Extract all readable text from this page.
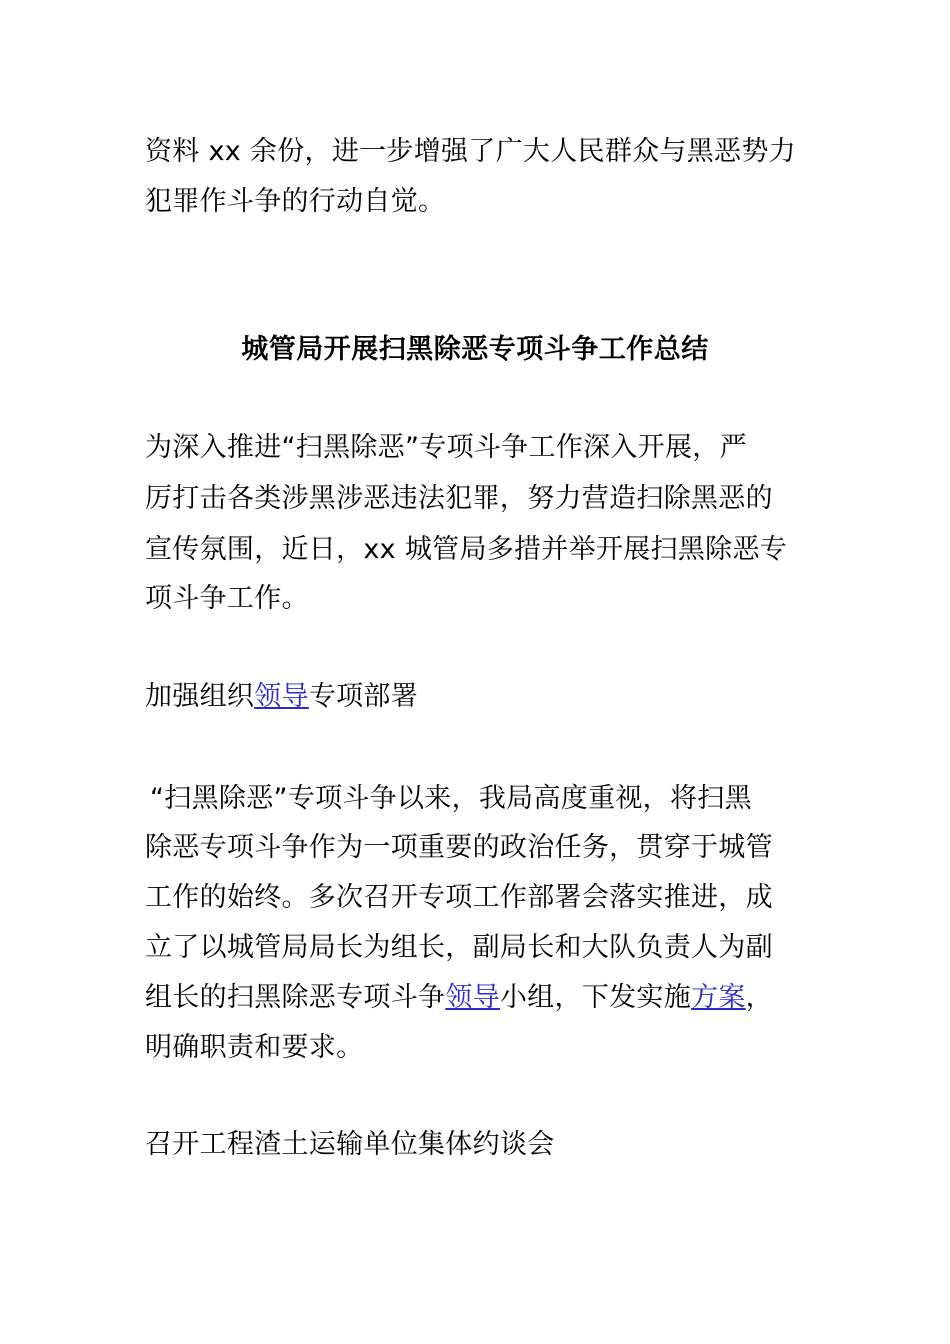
资料 xx 余份，进一步增强了广大人民群众与黑恶势力
犯罪作斗争的行动自觉。
城管局开展扫黑除恶专项斗争工作总结
为深入推进“扫黑除恶”专项斗争工作深入开展，严
厉打击各类涉黑涉恶违法犯罪，努力营造扫除黑恶的
宣传氛围，近日，xx 城管局多措并举开展扫黑除恶专
项斗争工作。
加强组织领导专项部署
“扫黑除恶”专项斗争以来，我局高度重视，将扫黑
除恶专项斗争作为一项重要的政治任务，贯穿于城管
工作的始终。多次召开专项工作部署会落实推进，成
立了以城管局局长为组长，副局长和大队负责人为副
组长的扫黑除恶专项斗争领导小组，下发实施方案，
明确职责和要求。
召开工程渣土运输单位集体约谈会
